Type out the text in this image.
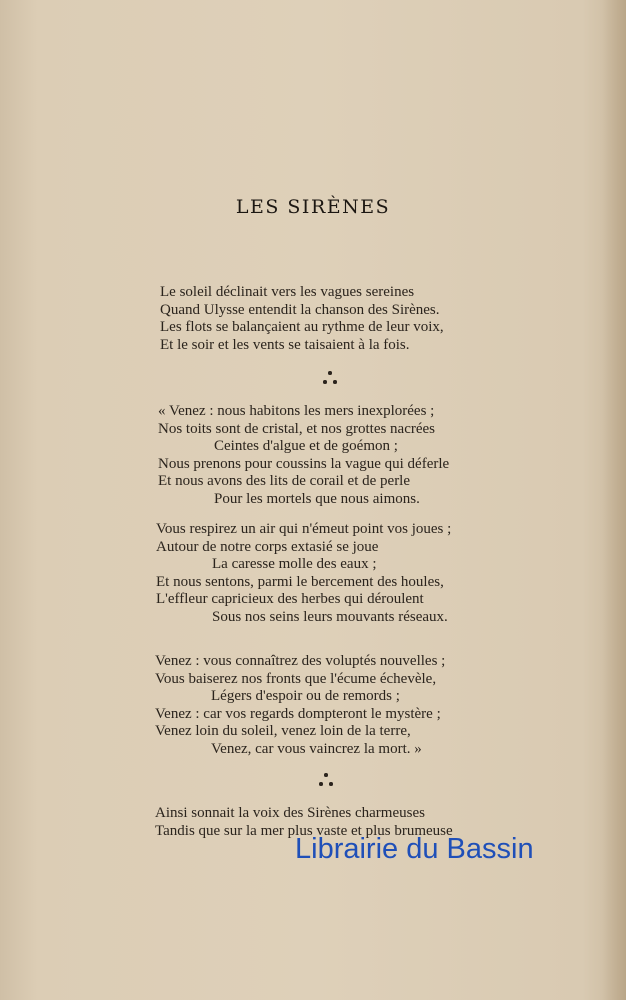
LES SIRÈNES
Le soleil déclinait vers les vagues sereines
Quand Ulysse entendit la chanson des Sirènes.
Les flots se balançaient au rythme de leur voix,
Et le soir et les vents se taisaient à la fois.
« Venez : nous habitons les mers inexplorées ;
Nos toits sont de cristal, et nos grottes nacrées
Ceintes d'algue et de goémon ;
Nous prenons pour coussins la vague qui déferle
Et nous avons des lits de corail et de perle
Pour les mortels que nous aimons.
Vous respirez un air qui n'émeut point vos joues ;
Autour de notre corps extasié se joue
La caresse molle des eaux ;
Et nous sentons, parmi le bercement des houles,
L'effleur capricieux des herbes qui déroulent
Sous nos seins leurs mouvants réseaux.
Venez : vous connaîtrez des voluptés nouvelles ;
Vous baiserez nos fronts que l'écume échevèle,
Légers d'espoir ou de remords ;
Venez : car vos regards dompteront le mystère ;
Venez loin du soleil, venez loin de la terre,
Venez, car vous vaincrez la mort. »
Ainsi sonnait la voix des Sirènes charmeuses
Tandis que sur la mer plus vaste et plus brumeuse
Librairie du Bassin
